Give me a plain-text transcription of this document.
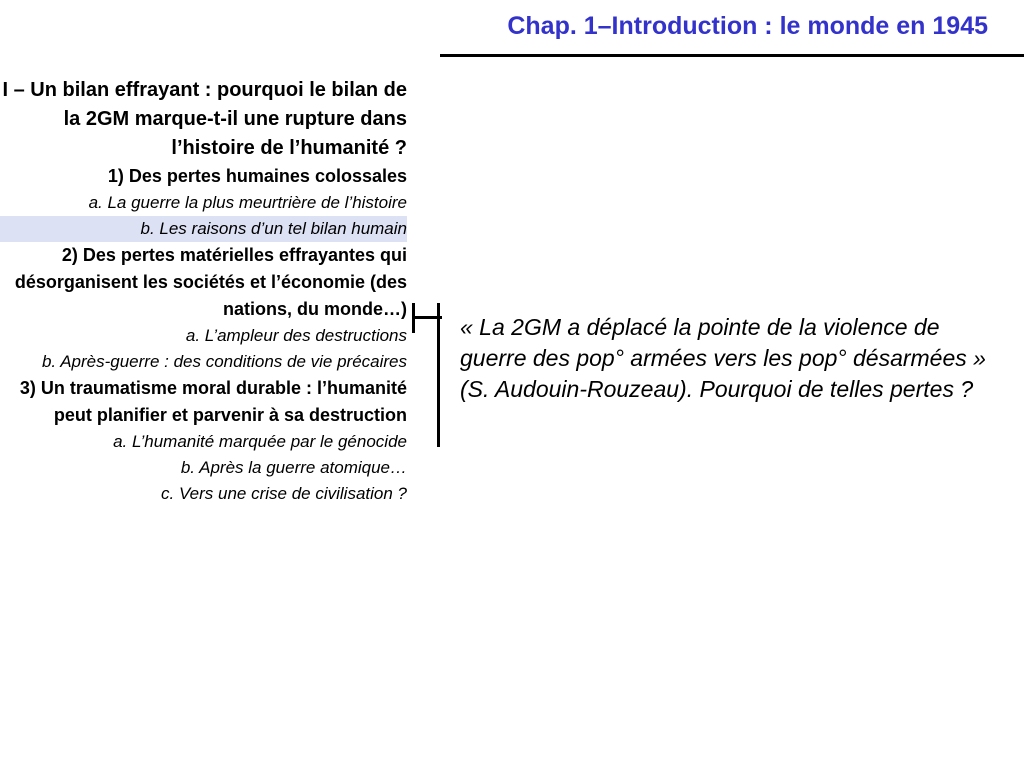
Chap. 1–Introduction : le monde en 1945
I – Un bilan effrayant : pourquoi le bilan de la 2GM marque-t-il une rupture dans l’histoire de l’humanité ?
1) Des pertes humaines colossales
a. La guerre la plus meurtrière de l’histoire
b. Les raisons d’un tel bilan humain
2) Des pertes matérielles effrayantes qui désorganisent les sociétés et l’économie (des nations, du monde…)
a. L’ampleur des destructions
b. Après-guerre : des conditions de vie précaires
3) Un traumatisme moral durable : l’humanité peut planifier et parvenir à sa destruction
a. L’humanité marquée par le génocide
b. Après la guerre atomique…
c. Vers une crise de civilisation ?
« La 2GM a déplacé la pointe de la violence de guerre des pop° armées vers les pop° désarmées » (S. Audouin-Rouzeau). Pourquoi de telles pertes ?
